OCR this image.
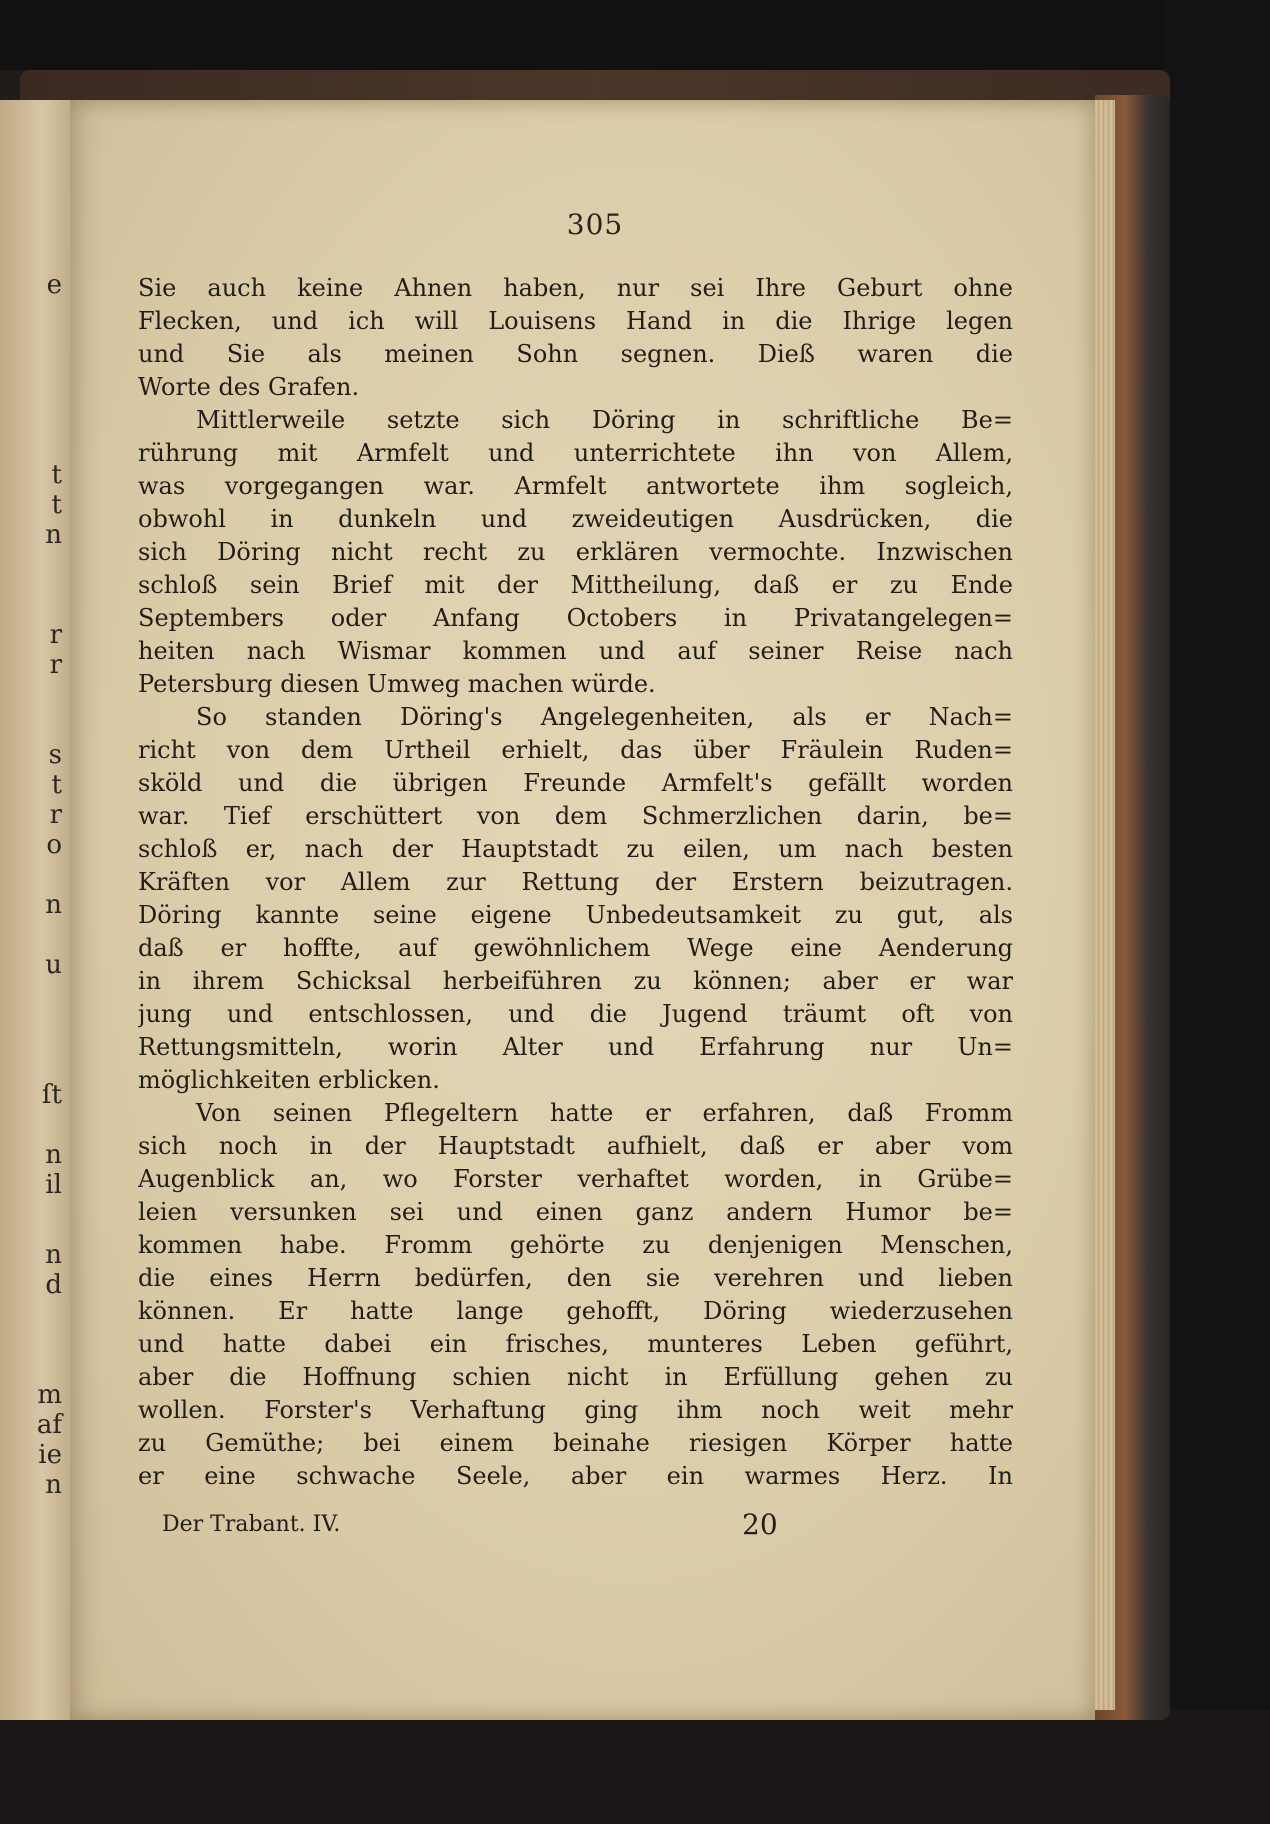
e
t
t
n
r
r
s
t
r
o
n
u
ſt
n
il
n
d
m
af
ie
n
305
Sie auch keine Ahnen haben, nur sei Ihre Geburt ohne
Flecken, und ich will Louisens Hand in die Ihrige legen
und Sie als meinen Sohn segnen. Dieß waren die
Worte des Grafen.
Mittlerweile setzte sich Döring in schriftliche Be=
rührung mit Armfelt und unterrichtete ihn von Allem,
was vorgegangen war. Armfelt antwortete ihm sogleich,
obwohl in dunkeln und zweideutigen Ausdrücken, die
sich Döring nicht recht zu erklären vermochte. Inzwischen
schloß sein Brief mit der Mittheilung, daß er zu Ende
Septembers oder Anfang Octobers in Privatangelegen=
heiten nach Wismar kommen und auf seiner Reise nach
Petersburg diesen Umweg machen würde.
So standen Döring's Angelegenheiten, als er Nach=
richt von dem Urtheil erhielt, das über Fräulein Ruden=
sköld und die übrigen Freunde Armfelt's gefällt worden
war. Tief erschüttert von dem Schmerzlichen darin, be=
schloß er, nach der Hauptstadt zu eilen, um nach besten
Kräften vor Allem zur Rettung der Erstern beizutragen.
Döring kannte seine eigene Unbedeutsamkeit zu gut, als
daß er hoffte, auf gewöhnlichem Wege eine Aenderung
in ihrem Schicksal herbeiführen zu können; aber er war
jung und entschlossen, und die Jugend träumt oft von
Rettungsmitteln, worin Alter und Erfahrung nur Un=
möglichkeiten erblicken.
Von seinen Pflegeltern hatte er erfahren, daß Fromm
sich noch in der Hauptstadt aufhielt, daß er aber vom
Augenblick an, wo Forster verhaftet worden, in Grübe=
leien versunken sei und einen ganz andern Humor be=
kommen habe. Fromm gehörte zu denjenigen Menschen,
die eines Herrn bedürfen, den sie verehren und lieben
können. Er hatte lange gehofft, Döring wiederzusehen
und hatte dabei ein frisches, munteres Leben geführt,
aber die Hoffnung schien nicht in Erfüllung gehen zu
wollen. Forster's Verhaftung ging ihm noch weit mehr
zu Gemüthe; bei einem beinahe riesigen Körper hatte
er eine schwache Seele, aber ein warmes Herz. In
Der Trabant. IV.	20
